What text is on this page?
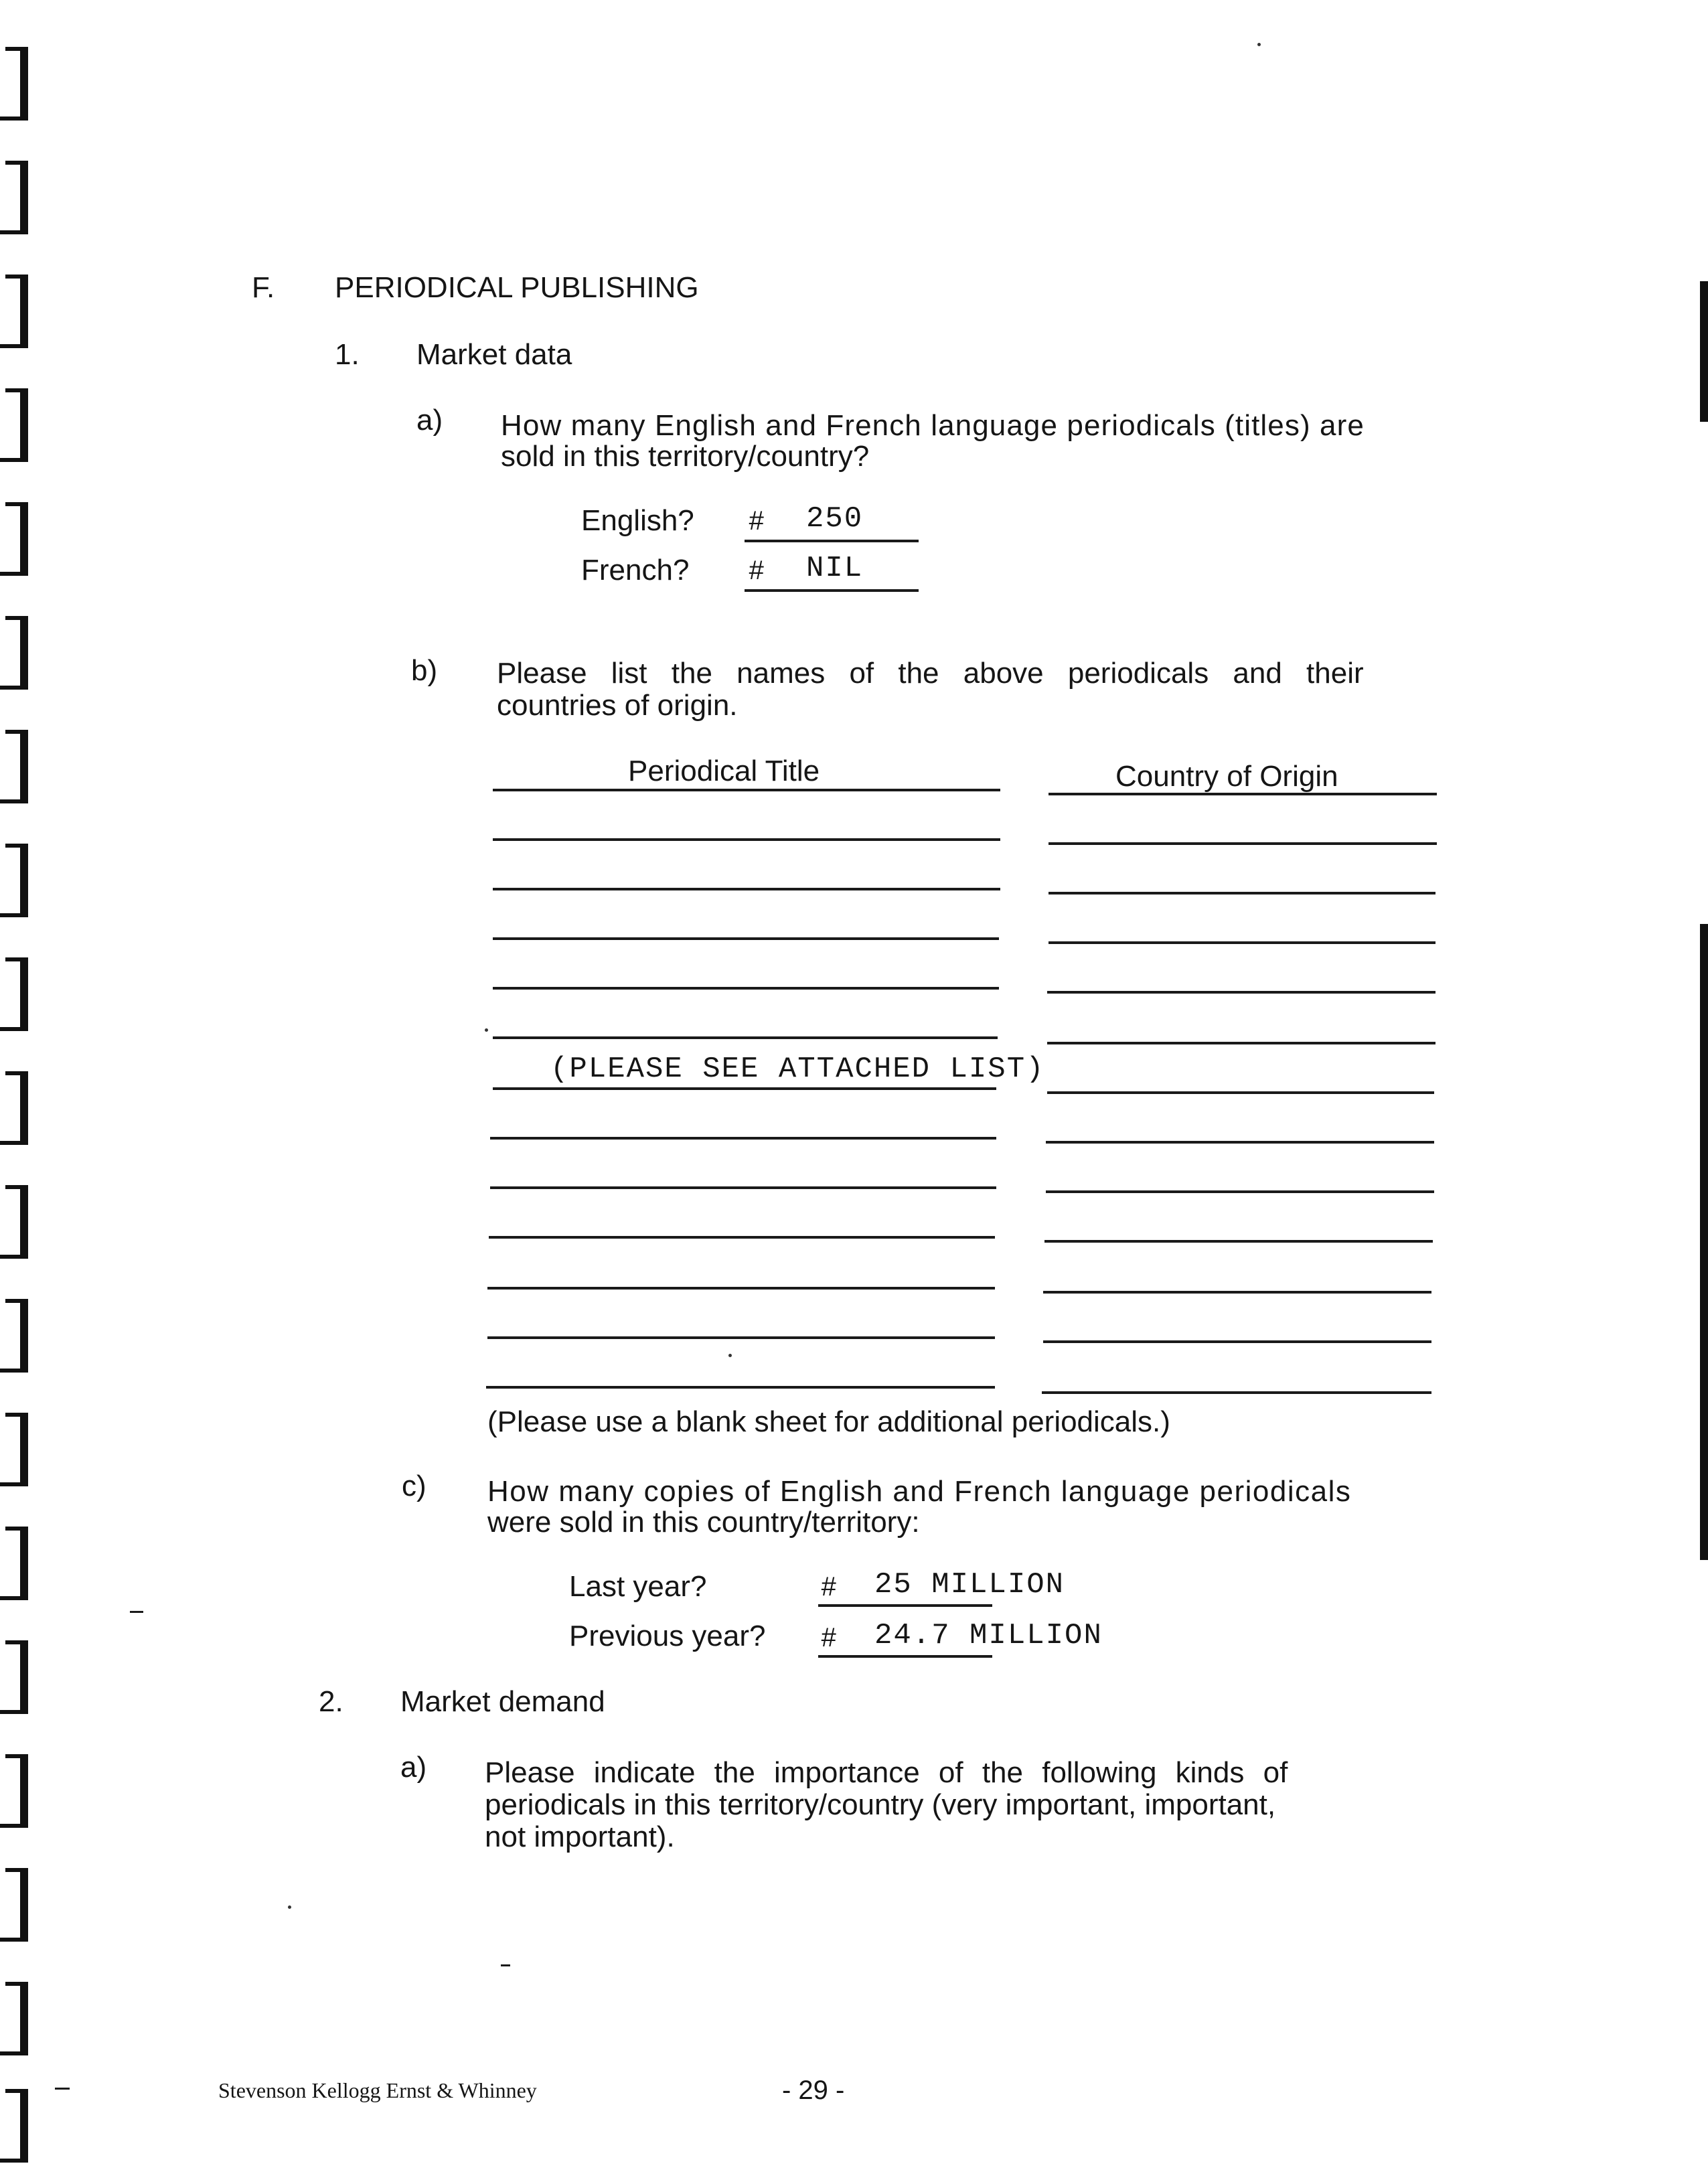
F. PERIODICAL PUBLISHING
1. Market data
a) How many English and French language periodicals (titles) are
sold in this territory/country?
English? # 250
French? # NIL
b) Please list the names of the above periodicals and their
countries of origin.
Periodical Title	Country of Origin
(PLEASE SEE ATTACHED LIST)
(Please use a blank sheet for additional periodicals.)
c) How many copies of English and French language periodicals
were sold in this country/territory:
Last year?	# 25 MILLION
Previous year? # 24.7 MILLION
2. Market demand
a) Please indicate the importance of the following kinds of
periodicals in this territory/country (very important, important,
not important).
Stevenson Kellogg Ernst & Whinney	- 29 -
